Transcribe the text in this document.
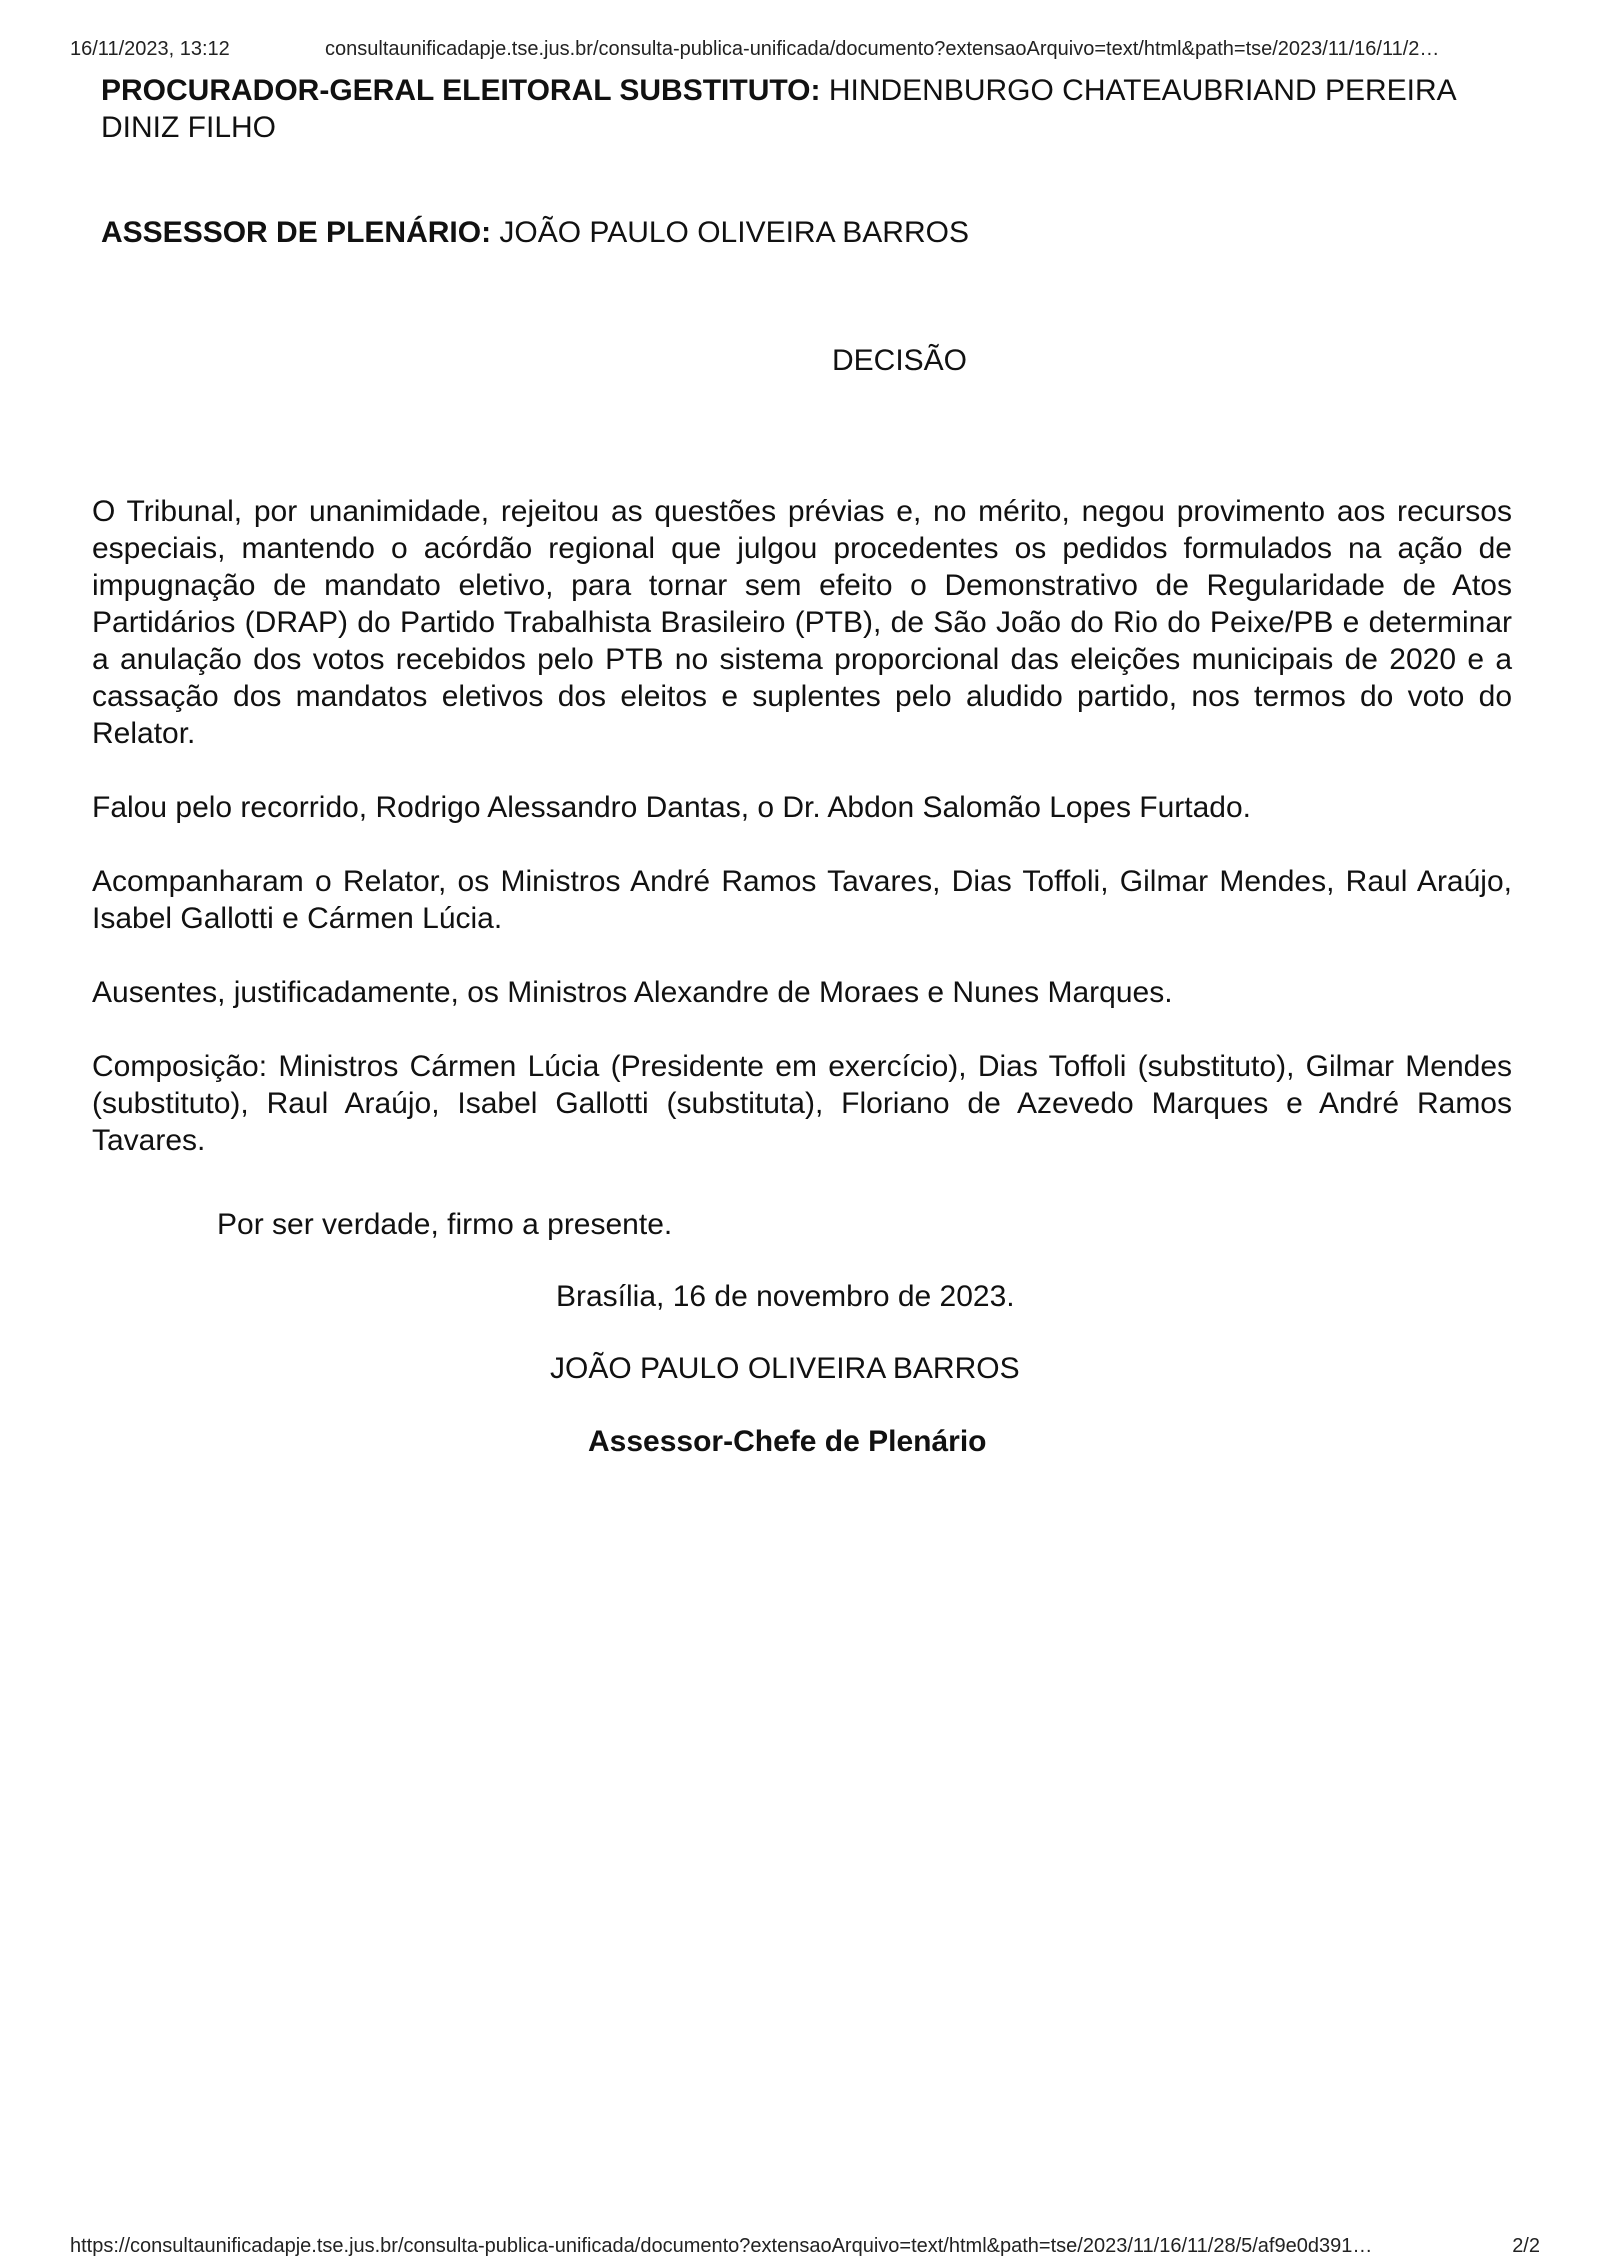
16/11/2023, 13:12	consultaunificadapje.tse.jus.br/consulta-publica-unificada/documento?extensaoArquivo=text/html&path=tse/2023/11/16/11/2…

PROCURADOR-GERAL ELEITORAL SUBSTITUTO: HINDENBURGO CHATEAUBRIAND PEREIRA DINIZ FILHO

ASSESSOR DE PLENÁRIO: JOÃO PAULO OLIVEIRA BARROS

DECISÃO

O Tribunal, por unanimidade, rejeitou as questões prévias e, no mérito, negou provimento aos recursos especiais, mantendo o acórdão regional que julgou procedentes os pedidos formulados na ação de impugnação de mandato eletivo, para tornar sem efeito o Demonstrativo de Regularidade de Atos Partidários (DRAP) do Partido Trabalhista Brasileiro (PTB), de São João do Rio do Peixe/PB e determinar a anulação dos votos recebidos pelo PTB no sistema proporcional das eleições municipais de 2020 e a cassação dos mandatos eletivos dos eleitos e suplentes pelo aludido partido, nos termos do voto do Relator.

Falou pelo recorrido, Rodrigo Alessandro Dantas, o Dr. Abdon Salomão Lopes Furtado.

Acompanharam o Relator, os Ministros André Ramos Tavares, Dias Toffoli, Gilmar Mendes, Raul Araújo, Isabel Gallotti e Cármen Lúcia.

Ausentes, justificadamente, os Ministros Alexandre de Moraes e Nunes Marques.

Composição: Ministros Cármen Lúcia (Presidente em exercício), Dias Toffoli (substituto), Gilmar Mendes (substituto), Raul Araújo, Isabel Gallotti (substituta), Floriano de Azevedo Marques e André Ramos Tavares.

Por ser verdade, firmo a presente.

Brasília, 16 de novembro de 2023.

JOÃO PAULO OLIVEIRA BARROS

Assessor-Chefe de Plenário

https://consultaunificadapje.tse.jus.br/consulta-publica-unificada/documento?extensaoArquivo=text/html&path=tse/2023/11/16/11/28/5/af9e0d391…	2/2
